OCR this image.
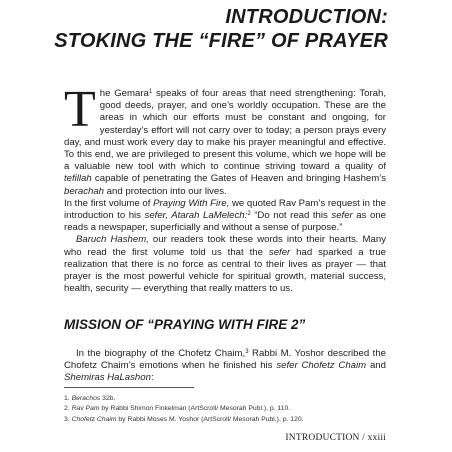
INTRODUCTION:
STOKING THE “FIRE” OF PRAYER

The Gemara$^1$ speaks of four areas that need strengthening: Torah, good deeds, prayer, and one’s worldly occupation. These are the areas in which our efforts must be constant and ongoing, for yesterday’s effort will not carry over to today; a person prays every day, and must work every day to make his prayer meaningful and effective. To this end, we are privileged to present this volume, which we hope will be a valuable new tool with which to continue striving toward a quality of tefillah capable of penetrating the Gates of Heaven and bringing Hashem’s berachah and protection into our lives.

In the first volume of Praying With Fire, we quoted Rav Pam’s request in the introduction to his sefer, Atarah LaMelech:$^2$ “Do not read this sefer as one reads a newspaper, superficially and without a sense of purpose.”

Baruch Hashem, our readers took these words into their hearts. Many who read the first volume told us that the sefer had sparked a true realization that there is no force as central to their lives as prayer — that prayer is the most powerful vehicle for spiritual growth, material success, health, security — everything that really matters to us.

MISSION OF “PRAYING WITH FIRE 2”

In the biography of the Chofetz Chaim,$^3$ Rabbi M. Yoshor described the Chofetz Chaim’s emotions when he finished his sefer Chofetz Chaim and Shemiras HaLashon:

1. Berachos 32b.
2. Rav Pam by Rabbi Shimon Finkelman (ArtScroll/ Mesorah Publ.), p. 110.
3. Chofetz Chaim by Rabbi Moses M. Yoshor (ArtScroll/ Mesorah Publ.), p. 120.
INTRODUCTION / xxiii
